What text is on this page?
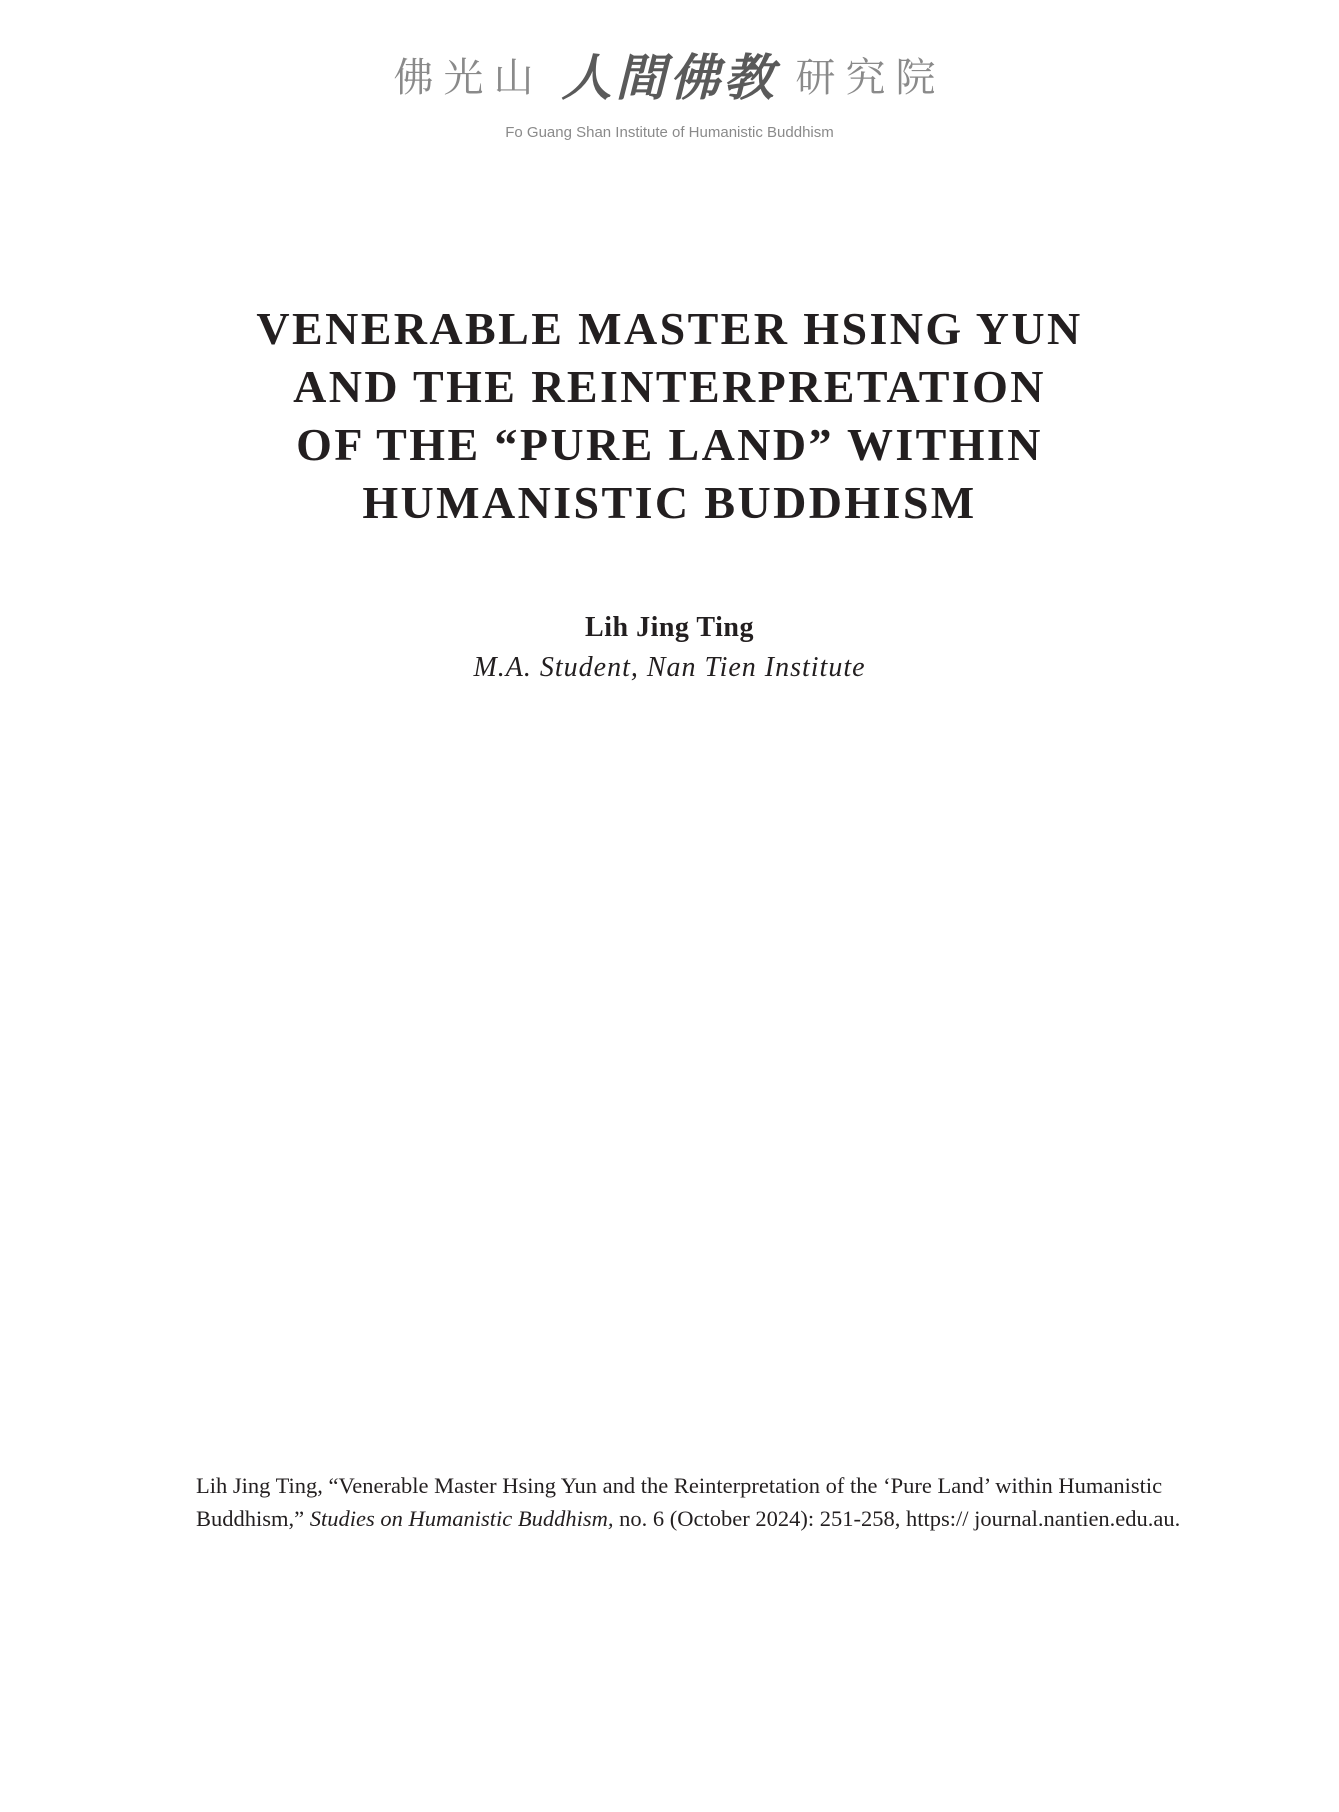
佛光山 人間佛教 研究院
Fo Guang Shan Institute of Humanistic Buddhism
VENERABLE MASTER HSING YUN
AND THE REINTERPRETATION
OF THE “PURE LAND” WITHIN
HUMANISTIC BUDDHISM
Lih Jing Ting
M.A. Student, Nan Tien Institute

Lih Jing Ting, “Venerable Master Hsing Yun and the Reinterpretation of the ‘Pure Land’ within Humanistic Buddhism,” Studies on Humanistic Buddhism, no. 6 (October 2024): 251-258, https:// journal.nantien.edu.au.
